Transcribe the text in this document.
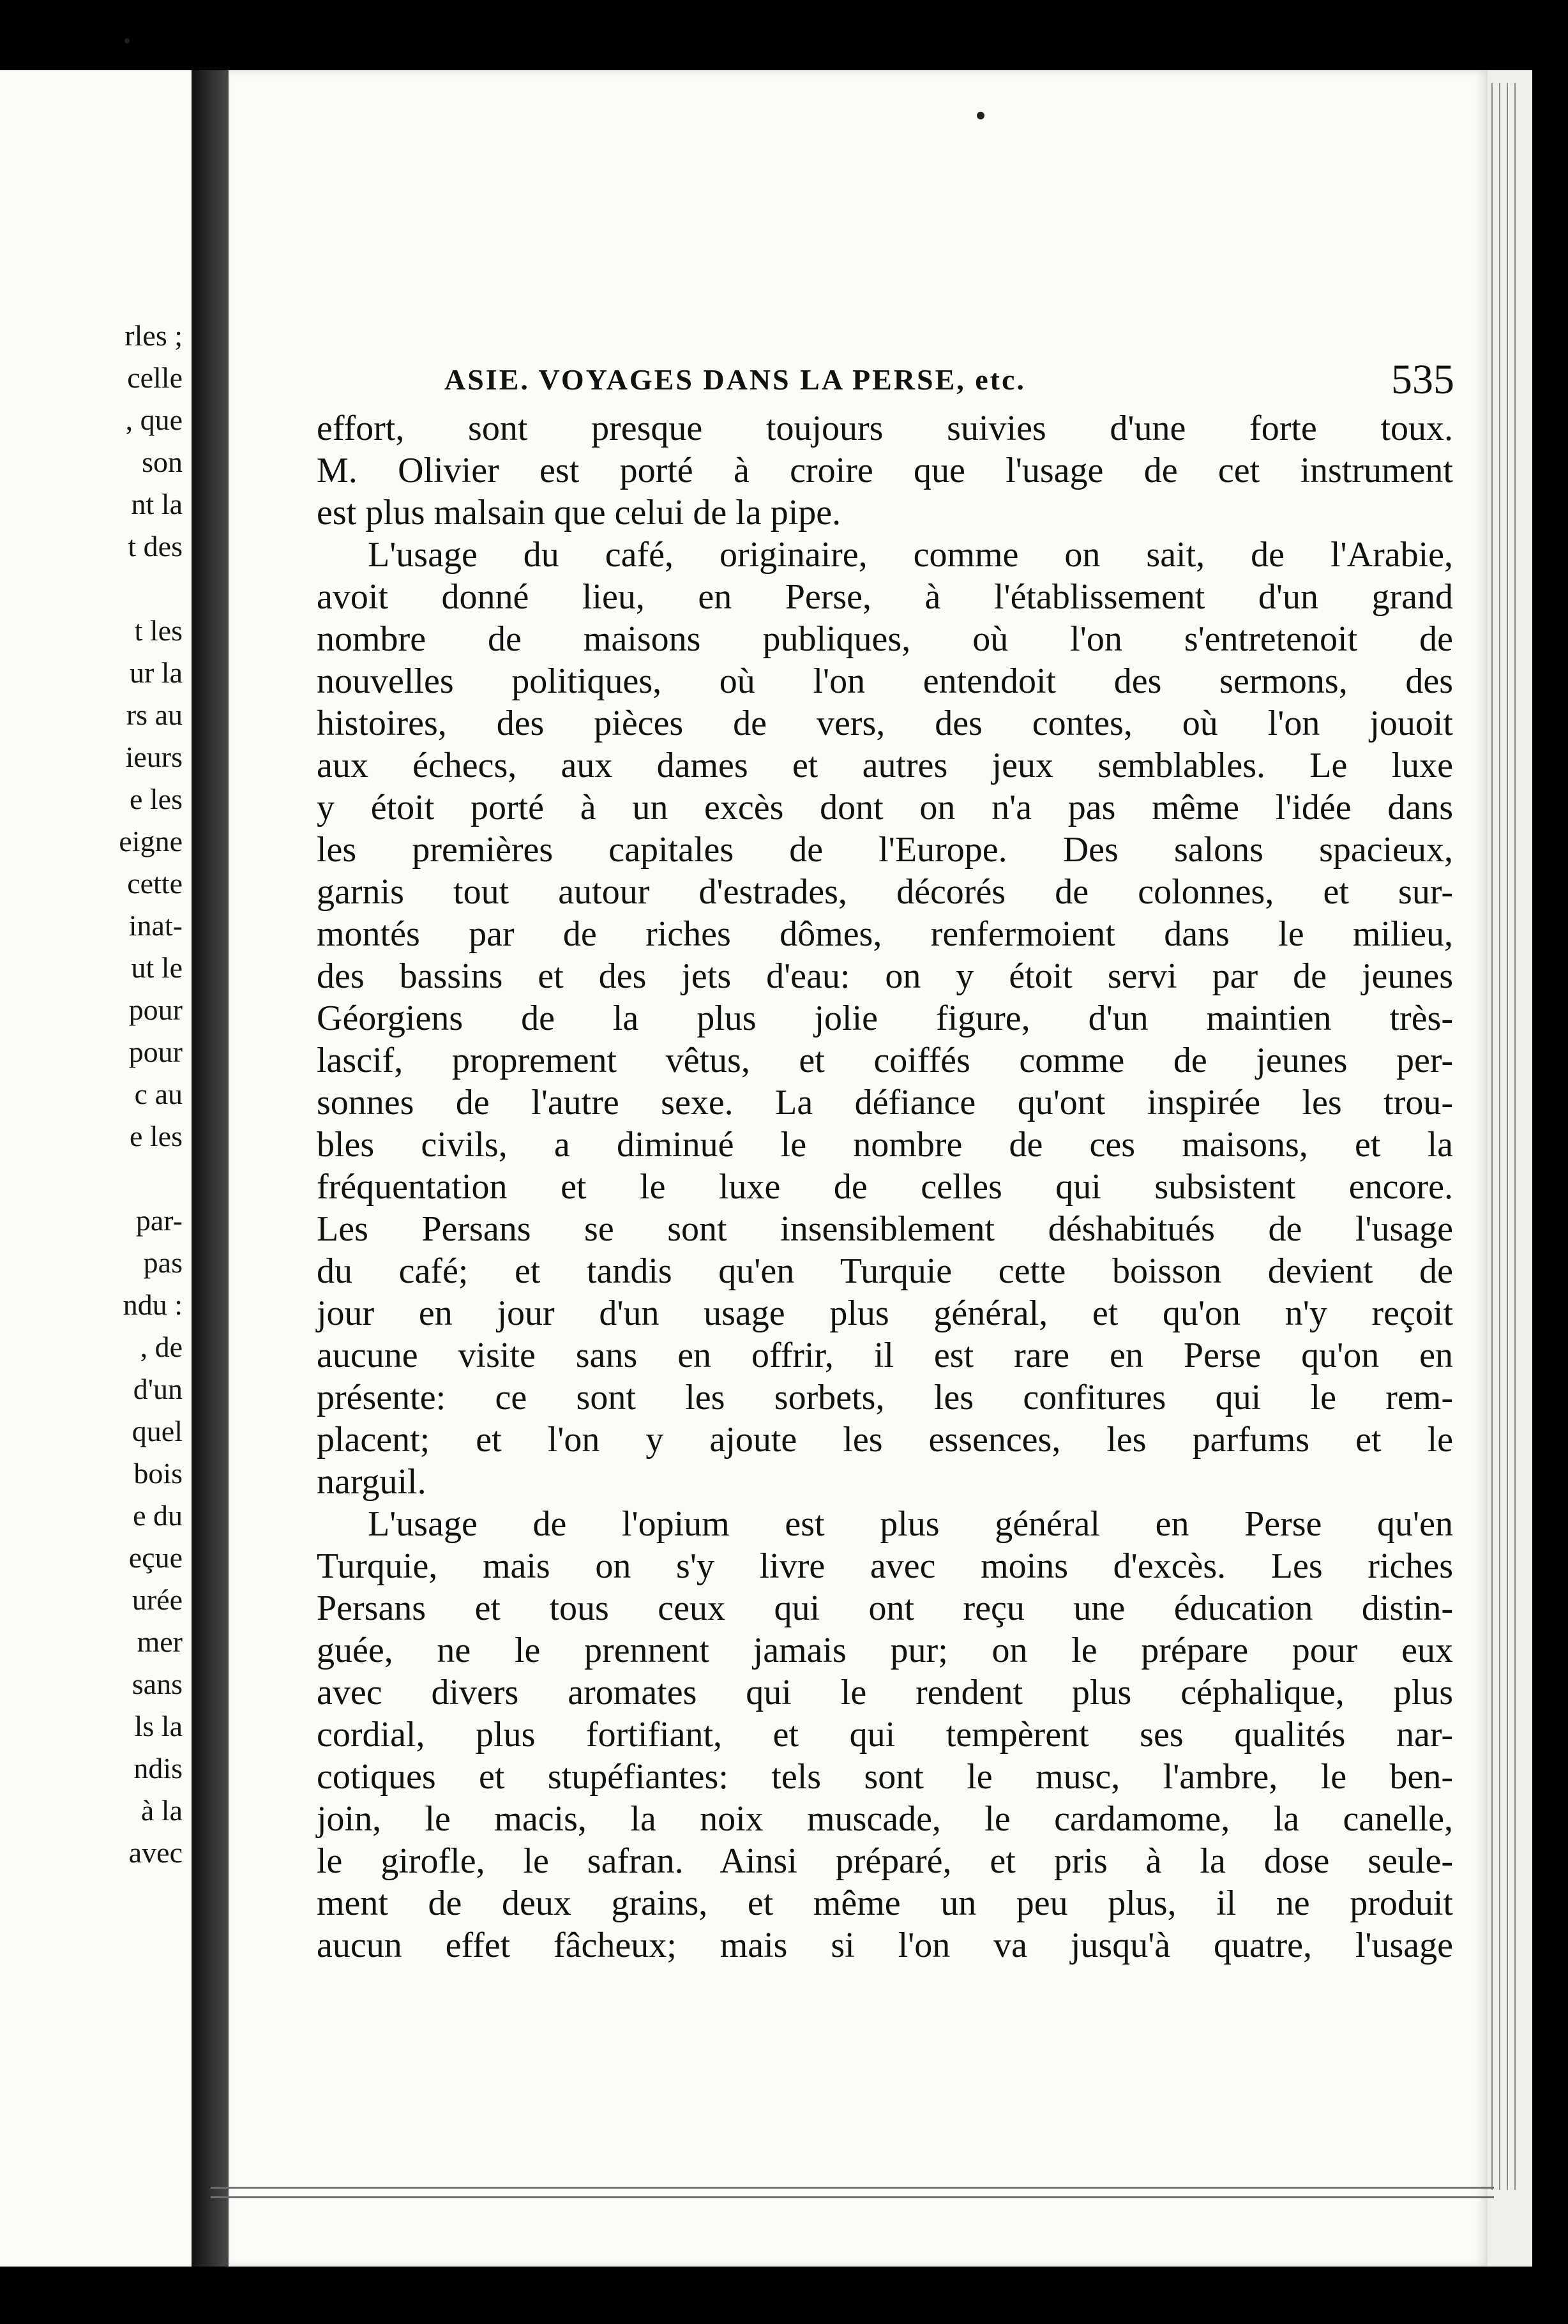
rles ;
celle
, que
son
nt la
t des
t les
ur la
rs au
ieurs
e les
eigne
cette
inat-
ut le
pour
pour
c au
e les
par-
pas
ndu :
, de
d'un
quel
bois
e du
eçue
urée
mer
sans
ls la
ndis
à la
avec
ASIE. VOYAGES DANS LA PERSE, etc.	535
effort, sont presque toujours suivies d'une forte toux.
M. Olivier est porté à croire que l'usage de cet instrument
est plus malsain que celui de la pipe.
L'usage du café, originaire, comme on sait, de l'Arabie,
avoit donné lieu, en Perse, à l'établissement d'un grand
nombre de maisons publiques, où l'on s'entretenoit de
nouvelles politiques, où l'on entendoit des sermons, des
histoires, des pièces de vers, des contes, où l'on jouoit
aux échecs, aux dames et autres jeux semblables. Le luxe
y étoit porté à un excès dont on n'a pas même l'idée dans
les premières capitales de l'Europe. Des salons spacieux,
garnis tout autour d'estrades, décorés de colonnes, et sur-
montés par de riches dômes, renfermoient dans le milieu,
des bassins et des jets d'eau: on y étoit servi par de jeunes
Géorgiens de la plus jolie figure, d'un maintien très-
lascif, proprement vêtus, et coiffés comme de jeunes per-
sonnes de l'autre sexe. La défiance qu'ont inspirée les trou-
bles civils, a diminué le nombre de ces maisons, et la
fréquentation et le luxe de celles qui subsistent encore.
Les Persans se sont insensiblement déshabitués de l'usage
du café; et tandis qu'en Turquie cette boisson devient de
jour en jour d'un usage plus général, et qu'on n'y reçoit
aucune visite sans en offrir, il est rare en Perse qu'on en
présente: ce sont les sorbets, les confitures qui le rem-
placent; et l'on y ajoute les essences, les parfums et le
narguil.
L'usage de l'opium est plus général en Perse qu'en
Turquie, mais on s'y livre avec moins d'excès. Les riches
Persans et tous ceux qui ont reçu une éducation distin-
guée, ne le prennent jamais pur; on le prépare pour eux
avec divers aromates qui le rendent plus céphalique, plus
cordial, plus fortifiant, et qui tempèrent ses qualités nar-
cotiques et stupéfiantes: tels sont le musc, l'ambre, le ben-
join, le macis, la noix muscade, le cardamome, la canelle,
le girofle, le safran. Ainsi préparé, et pris à la dose seule-
ment de deux grains, et même un peu plus, il ne produit
aucun effet fâcheux; mais si l'on va jusqu'à quatre, l'usage
